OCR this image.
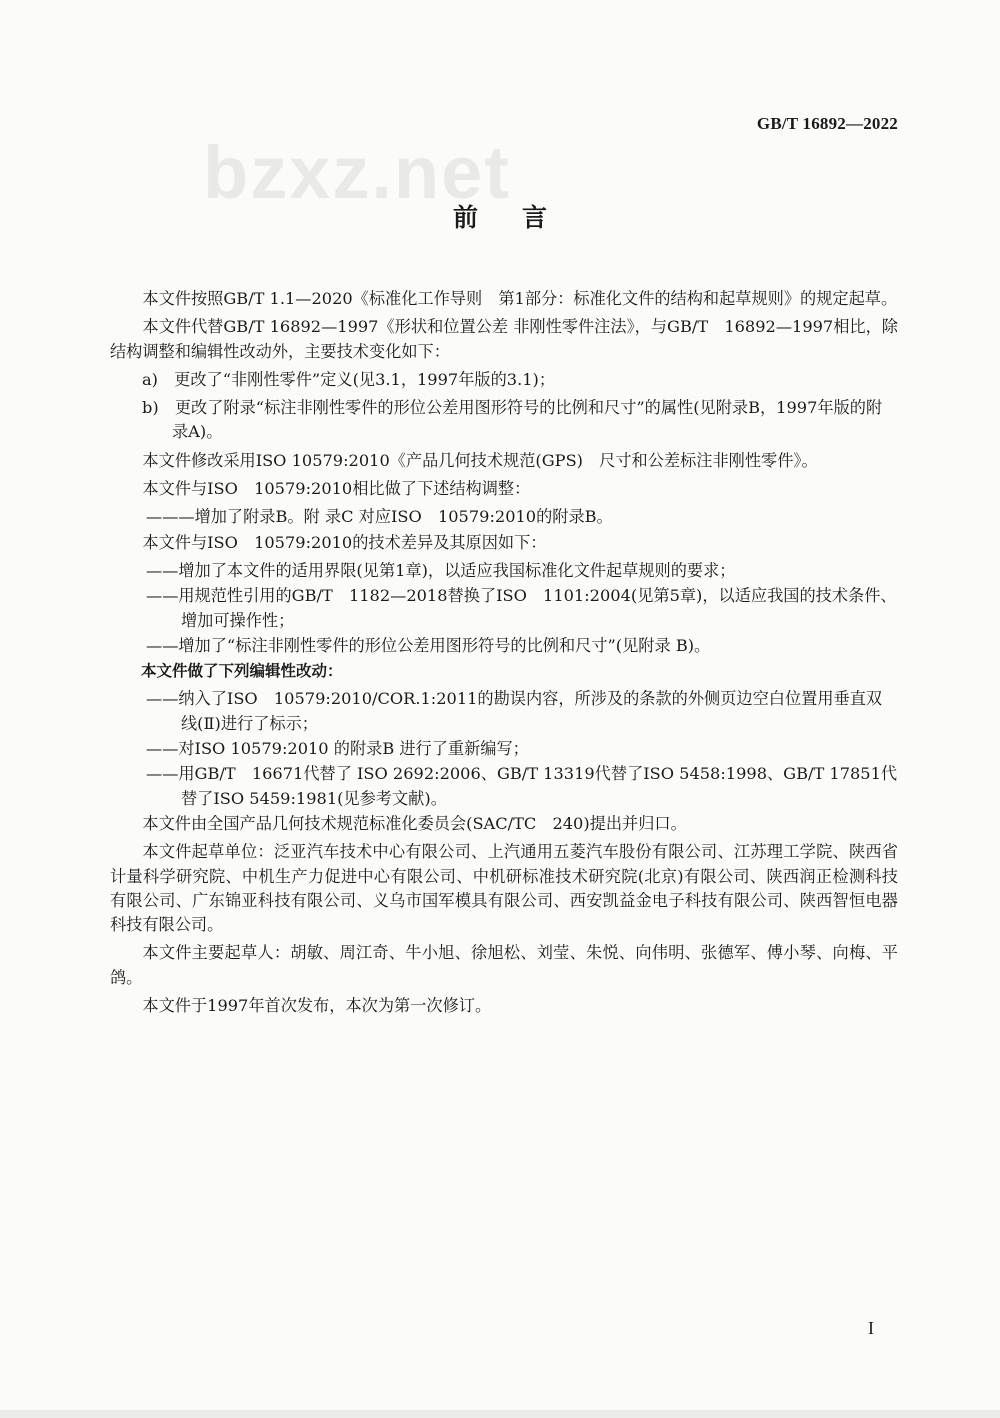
bzxz.net
GB/T 16892—2022
前言

本文件按照GB/T 1.1—2020《标准化工作导则　第1部分：标准化文件的结构和起草规则》的规定起草。

本文件代替GB/T 16892—1997《形状和位置公差 非刚性零件注法》，与GB/T　16892—1997相比，除结构调整和编辑性改动外，主要技术变化如下：

a)　更改了“非刚性零件”定义(见3.1，1997年版的3.1)；

b)　更改了附录“标注非刚性零件的形位公差用图形符号的比例和尺寸”的属性(见附录B，1997年版的附录A)。

本文件修改采用ISO 10579:2010《产品几何技术规范(GPS)　尺寸和公差标注非刚性零件》。

本文件与ISO　10579:2010相比做了下述结构调整：

———增加了附录B。附 录C 对应ISO　10579:2010的附录B。

本文件与ISO　10579:2010的技术差异及其原因如下：

——增加了本文件的适用界限(见第1章)，以适应我国标准化文件起草规则的要求；

——用规范性引用的GB/T　1182—2018替换了ISO　1101:2004(见第5章)，以适应我国的技术条件、增加可操作性；

——增加了“标注非刚性零件的形位公差用图形符号的比例和尺寸”(见附录 B)。

本文件做了下列编辑性改动：

——纳入了ISO　10579:2010/COR.1:2011的勘误内容，所涉及的条款的外侧页边空白位置用垂直双线(Ⅱ)进行了标示；

——对ISO 10579:2010 的附录B 进行了重新编写；

——用GB/T　16671代替了 ISO 2692:2006、GB/T 13319代替了ISO 5458:1998、GB/T 17851代替了ISO 5459:1981(见参考文献)。

本文件由全国产品几何技术规范标准化委员会(SAC/TC　240)提出并归口。

本文件起草单位：泛亚汽车技术中心有限公司、上汽通用五菱汽车股份有限公司、江苏理工学院、陕西省计量科学研究院、中机生产力促进中心有限公司、中机研标准技术研究院(北京)有限公司、陕西润正检测科技有限公司、广东锦亚科技有限公司、义乌市国军模具有限公司、西安凯益金电子科技有限公司、陕西智恒电器科技有限公司。

本文件主要起草人：胡敏、周江奇、牛小旭、徐旭松、刘莹、朱悦、向伟明、张德军、傅小琴、向梅、平鸽。

本文件于1997年首次发布，本次为第一次修订。

I
